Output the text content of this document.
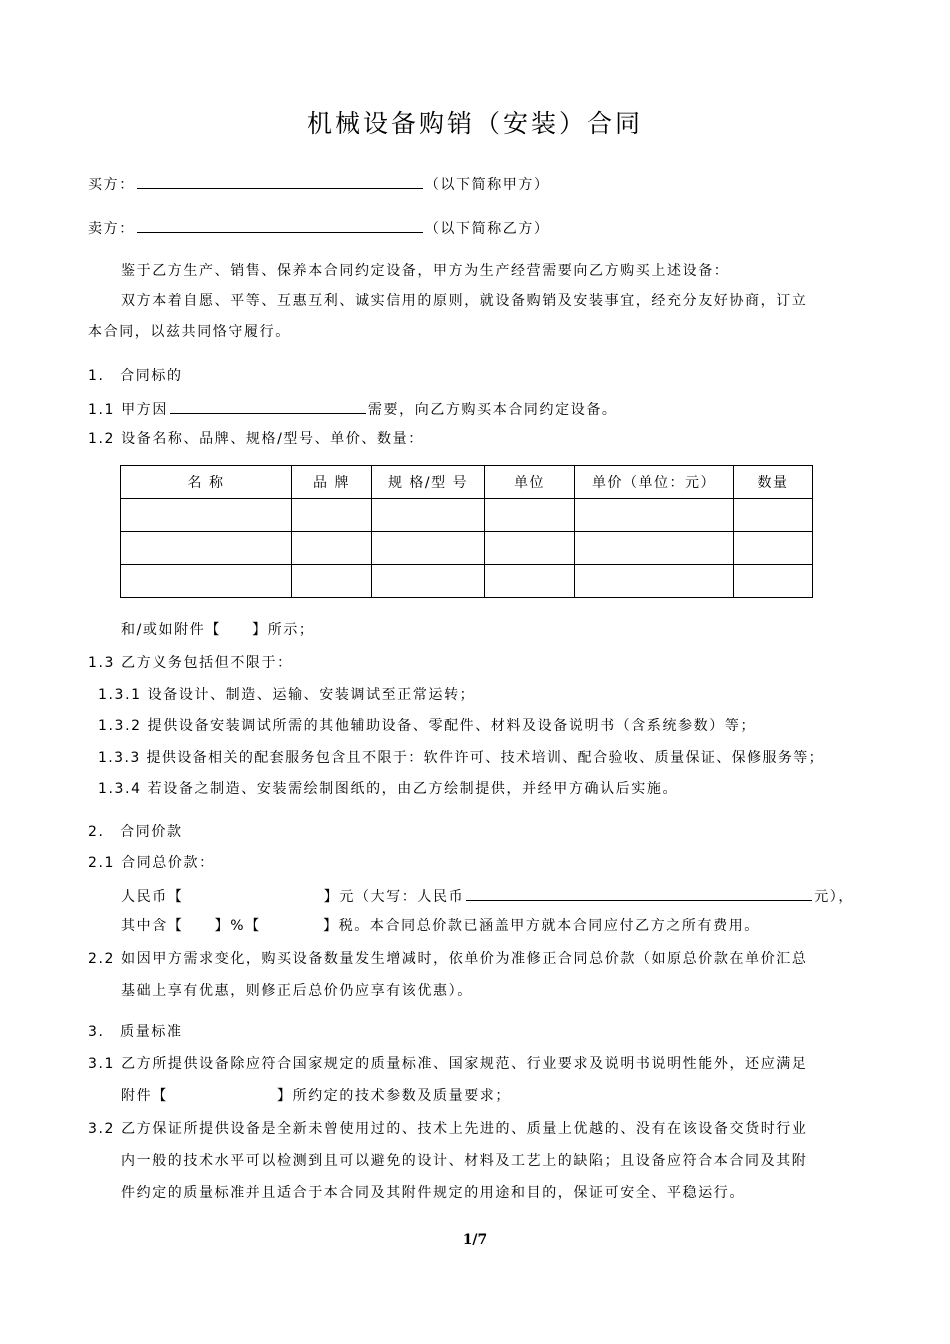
机械设备购销（安装）合同
买方：	（以下简称甲方）
卖方：	（以下简称乙方）
鉴于乙方生产、销售、保养本合同约定设备，甲方为生产经营需要向乙方购买上述设备：
双方本着自愿、平等、互惠互利、诚实信用的原则，就设备购销及安装事宜，经充分友好协商，订立
本合同，以兹共同恪守履行。
1.　合同标的
1.1 甲方因	需要，向乙方购买本合同约定设备。
1.2 设备名称、品牌、规格/型号、单价、数量：
名 称	品 牌	规 格/型 号	单位	单价（单位：元）	数量

和/或如附件【　　】所示；
1.3 乙方义务包括但不限于：
1.3.1 设备设计、制造、运输、安装调试至正常运转；
1.3.2 提供设备安装调试所需的其他辅助设备、零配件、材料及设备说明书（含系统参数）等；
1.3.3 提供设备相关的配套服务包含且不限于：软件许可、技术培训、配合验收、质量保证、保修服务等；
1.3.4 若设备之制造、安装需绘制图纸的，由乙方绘制提供，并经甲方确认后实施。
2.　合同价款
2.1 合同总价款：
人民币【　　　　　　　　　】元（大写：人民币	元），
其中含【　　】%【　　　　】税。本合同总价款已涵盖甲方就本合同应付乙方之所有费用。
2.2 如因甲方需求变化，购买设备数量发生增减时，依单价为准修正合同总价款（如原总价款在单价汇总
基础上享有优惠，则修正后总价仍应享有该优惠）。
3.　质量标准
3.1 乙方所提供设备除应符合国家规定的质量标准、国家规范、行业要求及说明书说明性能外，还应满足
附件【　　　　　　　】所约定的技术参数及质量要求；
3.2 乙方保证所提供设备是全新未曾使用过的、技术上先进的、质量上优越的、没有在该设备交货时行业
内一般的技术水平可以检测到且可以避免的设计、材料及工艺上的缺陷；且设备应符合本合同及其附
件约定的质量标准并且适合于本合同及其附件规定的用途和目的，保证可安全、平稳运行。
1/7
